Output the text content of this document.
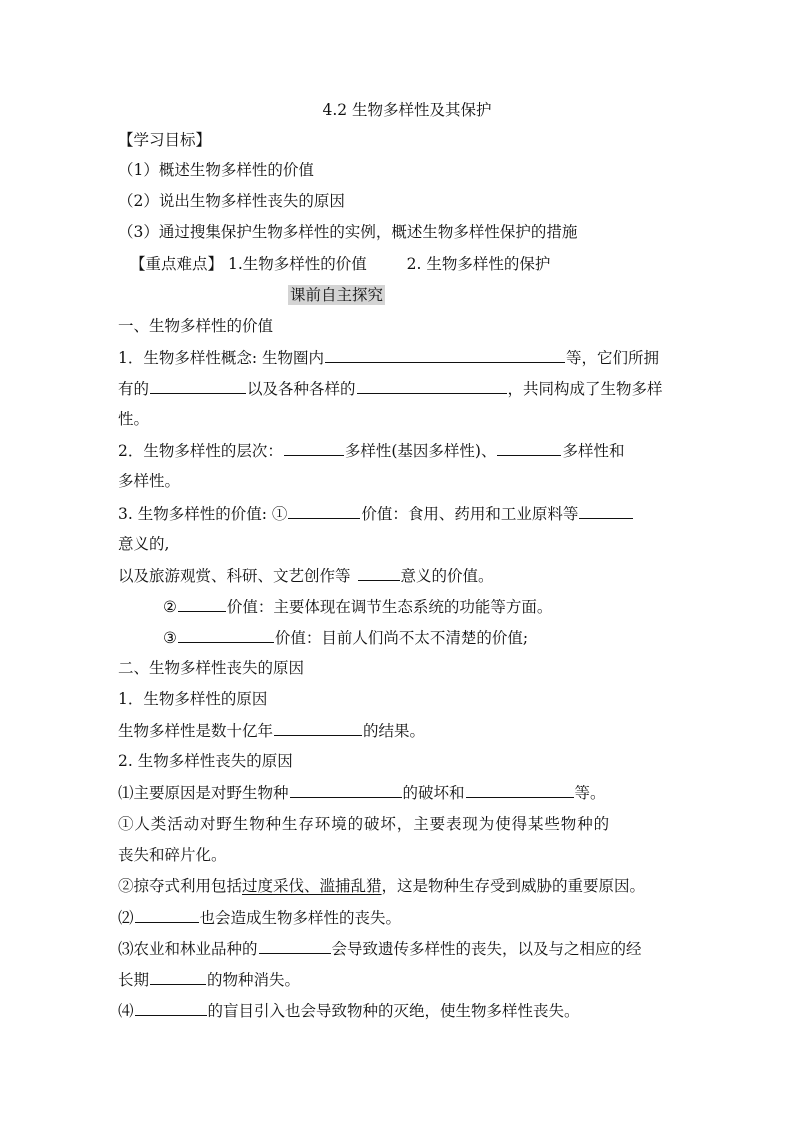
4.2 生物多样性及其保护
【学习目标】
（1）概述生物多样性的价值
（2）说出生物多样性丧失的原因
（3）通过搜集保护生物多样性的实例，概述生物多样性保护的措施
【重点难点】 1.生物多样性的价值	2. 生物多样性的保护
课前自主探究
一、生物多样性的价值
1．生物多样性概念: 生物圈内	等，它们所拥
有的	以及各种各样的	，共同构成了生物多样
性。
2．生物多样性的层次：	多样性(基因多样性)、	多样性和
多样性。
3. 生物多样性的价值: ①	价值：食用、药用和工业原料等
意义的,
以及旅游观赏、科研、文艺创作等	意义的价值。
②	价值：主要体现在调节生态系统的功能等方面。
③	价值：目前人们尚不太不清楚的价值;
二、生物多样性丧失的原因
1．生物多样性的原因
生物多样性是数十亿年	的结果。
2. 生物多样性丧失的原因
⑴主要原因是对野生物种	的破坏和	等。
①人类活动对野生物种生存环境的破坏，主要表现为使得某些物种的
丧失和碎片化。
②掠夺式利用包括过度采伐、滥捕乱猎，这是物种生存受到威胁的重要原因。
⑵	也会造成生物多样性的丧失。
⑶农业和林业品种的	会导致遗传多样性的丧失，以及与之相应的经
长期	的物种消失。
⑷	的盲目引入也会导致物种的灭绝，使生物多样性丧失。
